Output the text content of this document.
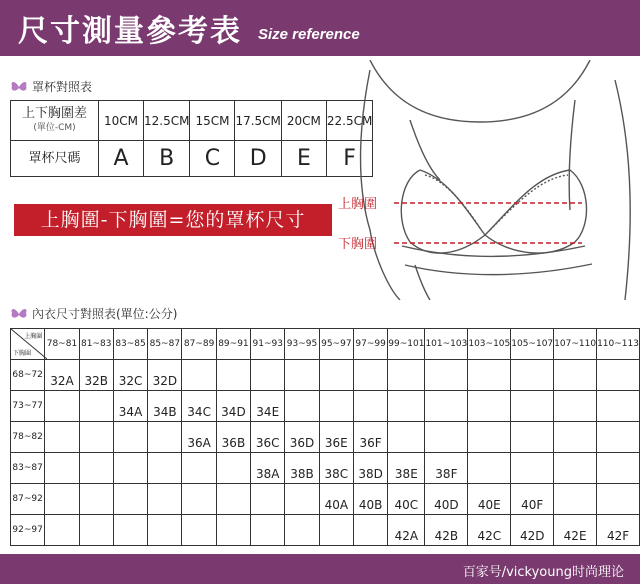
尺寸測量參考表 Size reference
罩杯對照表
上下胸圍差
(單位-CM)	10CM	12.5CM	15CM	17.5CM	20CM	22.5CM
罩杯尺碼	A	B	C	D	E	F
上胸圍-下胸圍=您的罩杯尺寸
上胸圍
下胸圍
內衣尺寸對照表(單位:公分)
上胸圍
下胸圍	78~81	81~83	83~85	85~87	87~89	89~91	91~93	93~95	95~97	97~99	99~101	101~103	103~105	105~107	107~110	110~113
68~72	32A	32B	32C	32D												
73~77			34A	34B	34C	34D	34E									
78~82					36A	36B	36C	36D	36E	36F						
83~87							38A	38B	38C	38D	38E	38F				
87~92									40A	40B	40C	40D	40E	40F		
92~97											42A	42B	42C	42D	42E	42F
百家号/vickyoung时尚理论
